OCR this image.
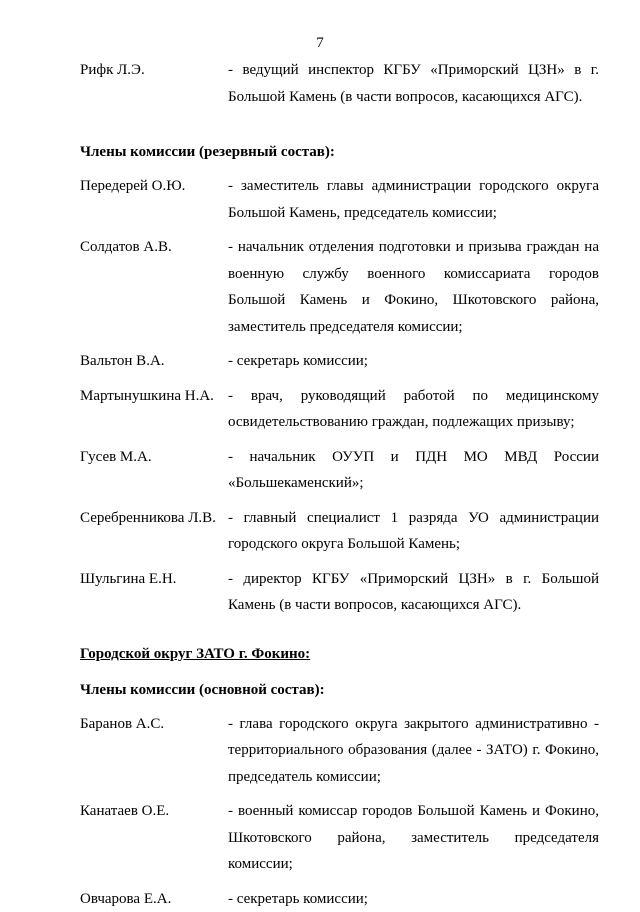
7
Рифк Л.Э.	- ведущий инспектор КГБУ «Приморский ЦЗН» в г. Большой Камень (в части вопросов, касающихся АГС).
Члены комиссии (резервный состав):
Передерей О.Ю.	- заместитель главы администрации городского округа Большой Камень, председатель комиссии;
Солдатов А.В.	- начальник отделения подготовки и призыва граждан на военную службу военного комиссариата городов Большой Камень и Фокино, Шкотовского района, заместитель председателя комиссии;
Вальтон В.А.	- секретарь комиссии;
Мартынушкина Н.А. - врач, руководящий работой по медицинскому освидетельствованию граждан, подлежащих призыву;
Гусев М.А.	- начальник ОУУП и ПДН МО МВД России «Большекаменский»;
Серебренникова Л.В. - главный специалист 1 разряда УО администрации городского округа Большой Камень;
Шульгина Е.Н.	- директор КГБУ «Приморский ЦЗН» в г. Большой Камень (в части вопросов, касающихся АГС).
Городской округ ЗАТО г. Фокино:
Члены комиссии (основной состав):
Баранов А.С.	- глава городского округа закрытого административно - территориального образования (далее - ЗАТО) г. Фокино, председатель комиссии;
Канатаев О.Е.	- военный комиссар городов Большой Камень и Фокино, Шкотовского района, заместитель председателя комиссии;
Овчарова Е.А.	- секретарь комиссии;
